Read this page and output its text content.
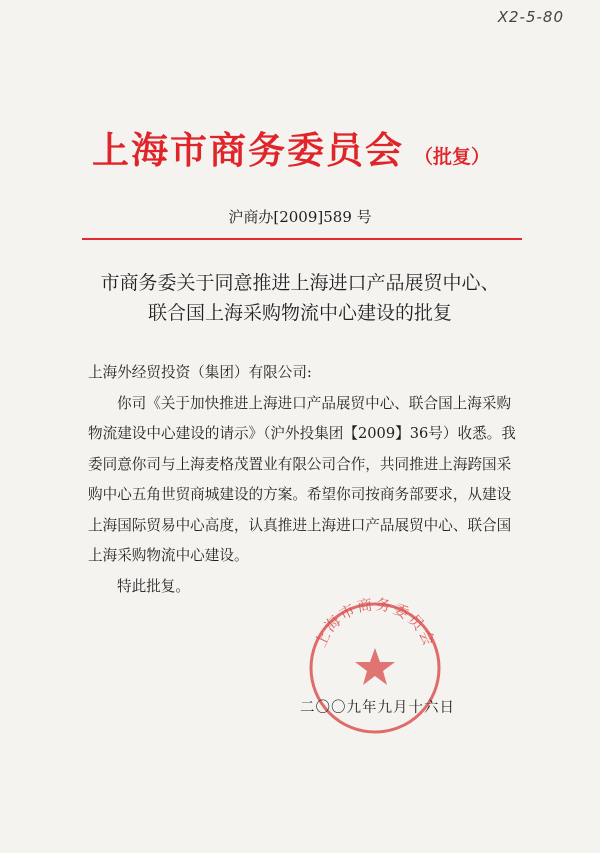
X2-5-80
上海市商务委员会 （批复）
沪商办[2009]589 号
市商务委关于同意推进上海进口产品展贸中心、
联合国上海采购物流中心建设的批复

上海外经贸投资（集团）有限公司:

你司《关于加快推进上海进口产品展贸中心、联合国上海采购物流建设中心建设的请示》（沪外投集团【2009】36号）收悉。我委同意你司与上海麦格茂置业有限公司合作，共同推进上海跨国采购中心五角世贸商城建设的方案。希望你司按商务部要求，从建设上海国际贸易中心高度，认真推进上海进口产品展贸中心、联合国上海采购物流中心建设。

特此批复。

上海市商务委员会
二〇〇九年九月十六日
